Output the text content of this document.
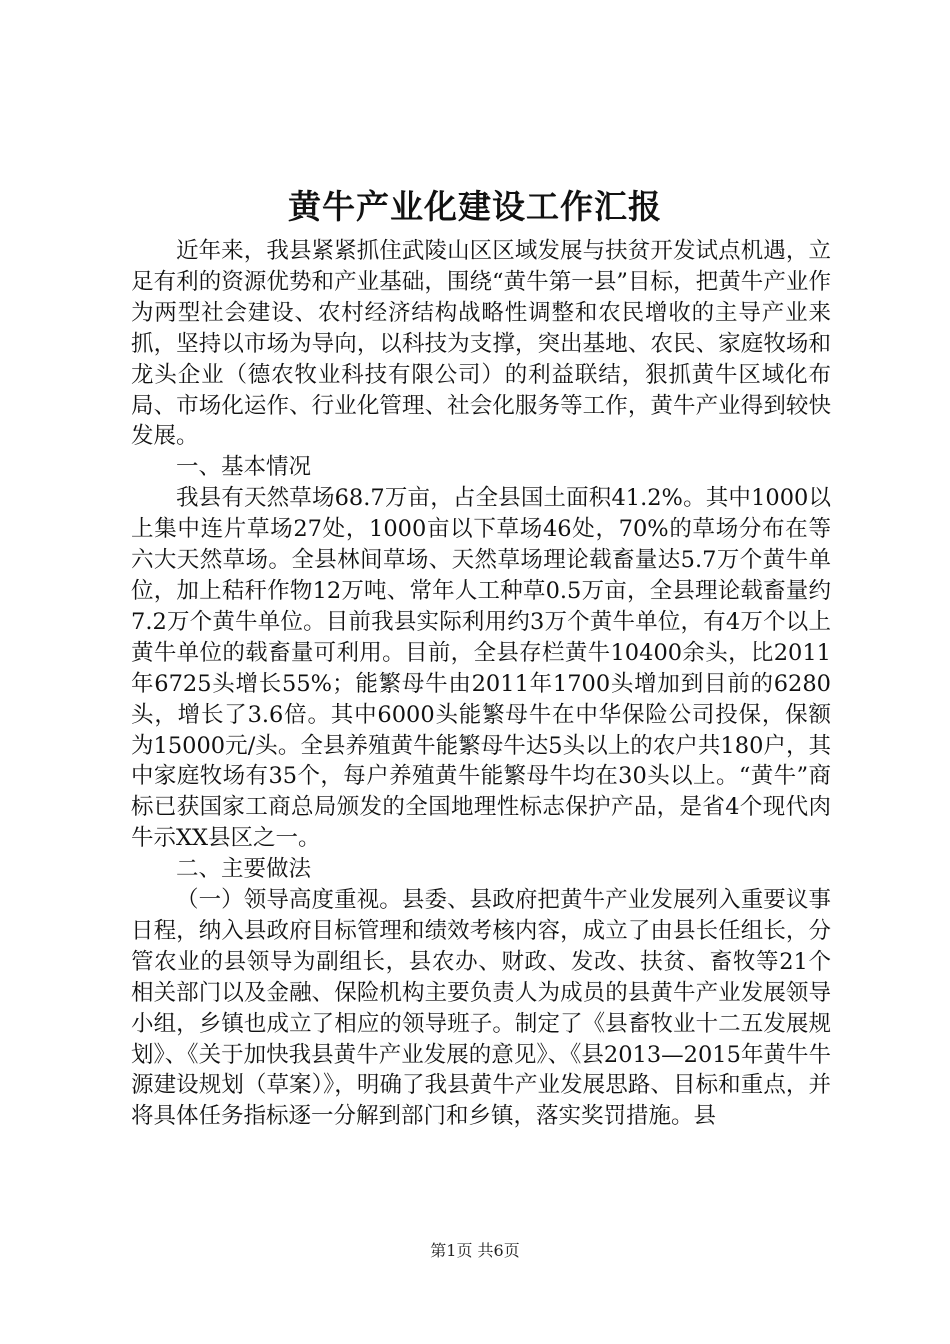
黄牛产业化建设工作汇报

近年来，我县紧紧抓住武陵山区区域发展与扶贫开发试点机遇，立足有利的资源优势和产业基础，围绕“黄牛第一县”目标，把黄牛产业作为两型社会建设、农村经济结构战略性调整和农民增收的主导产业来抓，坚持以市场为导向，以科技为支撑，突出基地、农民、家庭牧场和龙头企业（德农牧业科技有限公司）的利益联结，狠抓黄牛区域化布局、市场化运作、行业化管理、社会化服务等工作，黄牛产业得到较快发展。

一、基本情况

我县有天然草场68.7万亩，占全县国土面积41.2%。其中1000以上集中连片草场27处，1000亩以下草场46处，70%的草场分布在等六大天然草场。全县林间草场、天然草场理论载畜量达5.7万个黄牛单位，加上秸秆作物12万吨、常年人工种草0.5万亩，全县理论载畜量约7.2万个黄牛单位。目前我县实际利用约3万个黄牛单位，有4万个以上黄牛单位的载畜量可利用。目前，全县存栏黄牛10400余头，比2011年6725头增长55%；能繁母牛由2011年1700头增加到目前的6280头，增长了3.6倍。其中6000头能繁母牛在中华保险公司投保，保额为15000元/头。全县养殖黄牛能繁母牛达5头以上的农户共180户，其中家庭牧场有35个，每户养殖黄牛能繁母牛均在30头以上。“黄牛”商标已获国家工商总局颁发的全国地理性标志保护产品，是省4个现代肉牛示XX县区之一。

二、主要做法

（一）领导高度重视。县委、县政府把黄牛产业发展列入重要议事日程，纳入县政府目标管理和绩效考核内容，成立了由县长任组长，分管农业的县领导为副组长，县农办、财政、发改、扶贫、畜牧等21个相关部门以及金融、保险机构主要负责人为成员的县黄牛产业发展领导小组，乡镇也成立了相应的领导班子。制定了《县畜牧业十二五发展规划》、《关于加快我县黄牛产业发展的意见》、《县2013—2015年黄牛牛源建设规划（草案）》，明确了我县黄牛产业发展思路、目标和重点，并将具体任务指标逐一分解到部门和乡镇，落实奖罚措施。县

第1页 共6页
